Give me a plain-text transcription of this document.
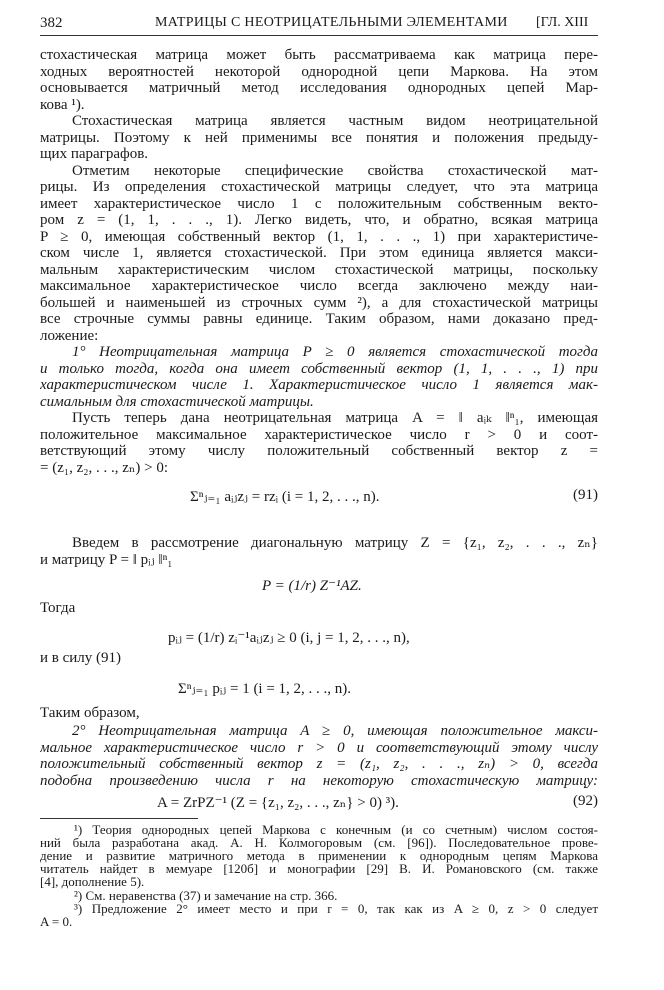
382	МАТРИЦЫ С НЕОТРИЦАТЕЛЬНЫМИ ЭЛЕМЕНТАМИ [ГЛ. XIII
стохастическая матрица может быть рассматриваема как матрица пере-
ходных вероятностей некоторой однородной цепи Маркова. На этом
основывается матричный метод исследования однородных цепей Мар-
кова ¹).
Стохастическая матрица является частным видом неотрицательной
матрицы. Поэтому к ней применимы все понятия и положения предыду-
щих параграфов.
Отметим некоторые специфические свойства стохастической мат-
рицы. Из определения стохастической матрицы следует, что эта матрица
имеет характеристическое число 1 с положительным собственным векто-
ром z = (1, 1, . . ., 1). Легко видеть, что, и обратно, всякая матрица
P ≥ 0, имеющая собственный вектор (1, 1, . . ., 1) при характеристиче-
ском числе 1, является стохастической. При этом единица является макси-
мальным характеристическим числом стохастической матрицы, поскольку
максимальное характеристическое число всегда заключено между наи-
большей и наименьшей из строчных сумм ²), а для стохастической матрицы
все строчные суммы равны единице. Таким образом, нами доказано пред-
ложение:
1° Неотрицательная матрица P ≥ 0 является стохастической тогда
и только тогда, когда она имеет собственный вектор (1, 1, . . ., 1) при
характеристическом числе 1. Характеристическое число 1 является мак-
симальным для стохастической матрицы.
Пусть теперь дана неотрицательная матрица A = ‖ aᵢₖ ‖ⁿ₁, имеющая
положительное максимальное характеристическое число r > 0 и соот-
ветствующий этому числу положительный собственный вектор z =
= (z₁, z₂, . . ., zₙ) > 0:
Σⁿⱼ₌₁ aᵢⱼzⱼ = rzᵢ (i = 1, 2, . . ., n).	(91)
Введем в рассмотрение диагональную матрицу Z = {z₁, z₂, . . ., zₙ}
и матрицу P = ‖ pᵢⱼ ‖ⁿ₁
P = (1/r) Z⁻¹AZ.
Тогда
pᵢⱼ = (1/r) zᵢ⁻¹aᵢⱼzⱼ ≥ 0 (i, j = 1, 2, . . ., n),
и в силу (91)
Σⁿⱼ₌₁ pᵢⱼ = 1 (i = 1, 2, . . ., n).
Таким образом,
2° Неотрицательная матрица A ≥ 0, имеющая положительное макси-
мальное характеристическое число r > 0 и соответствующий этому числу
положительный собственный вектор z = (z₁, z₂, . . ., zₙ) > 0, всегда
подобна произведению числа r на некоторую стохастическую матрицу:
A = ZrPZ⁻¹ (Z = {z₁, z₂, . . ., zₙ} > 0) ³).	(92)
¹) Теория однородных цепей Маркова с конечным (и со счетным) числом состоя-
ний была разработана акад. А. Н. Колмогоровым (см. [96]). Последовательное прове-
дение и развитие матричного метода в применении к однородным цепям Маркова
читатель найдет в мемуаре [120б] и монографии [29] В. И. Романовского (см. также
[4], дополнение 5).
²) См. неравенства (37) и замечание на стр. 366.
³) Предложение 2° имеет место и при r = 0, так как из A ≥ 0, z > 0 следует
A = 0.
